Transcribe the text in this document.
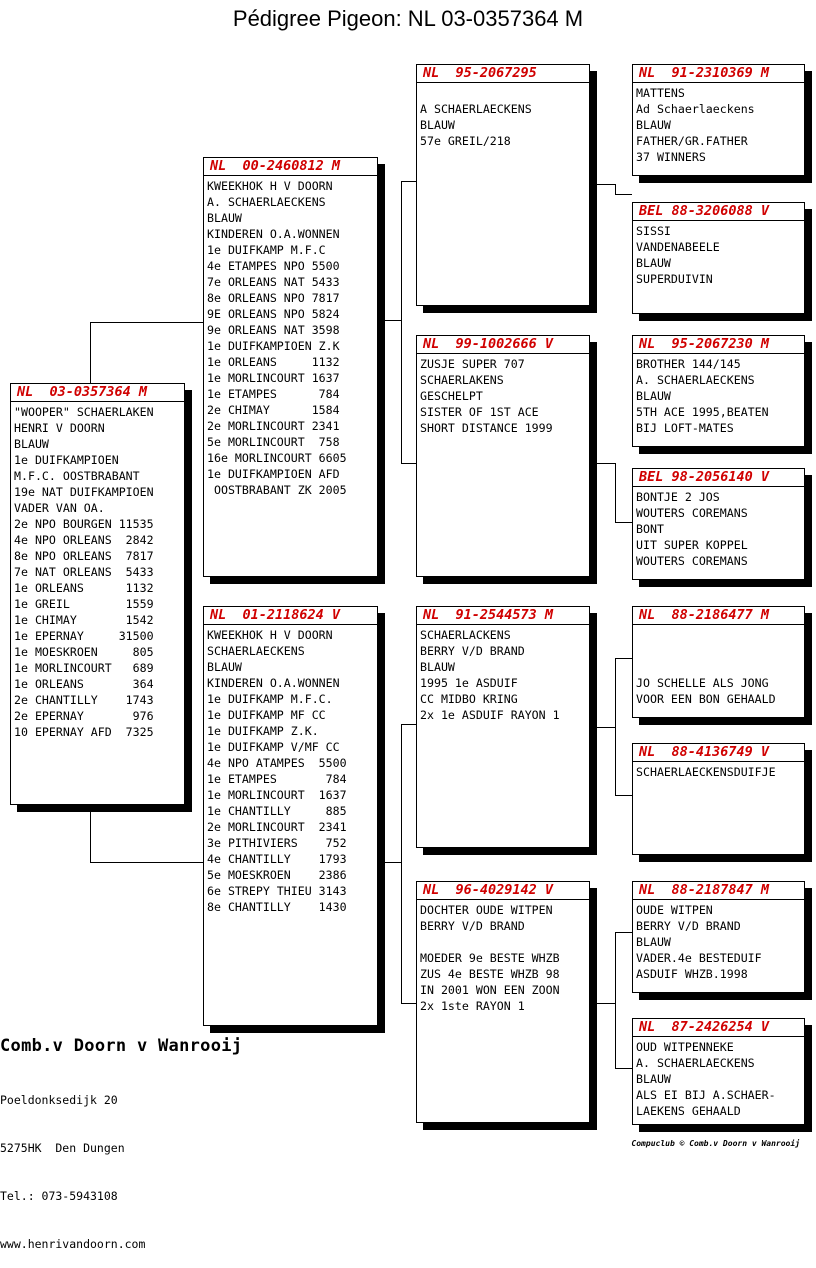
Pédigree Pigeon: NL 03-0357364 M
NL  03-0357364 M
"WOOPER" SCHAERLAKEN
HENRI V DOORN
BLAUW
1e DUIFKAMPIOEN
M.F.C. OOSTBRABANT
19e NAT DUIFKAMPIOEN
VADER VAN OA.
2e NPO BOURGEN 11535
4e NPO ORLEANS  2842
8e NPO ORLEANS  7817
7e NAT ORLEANS  5433
1e ORLEANS      1132
1e GREIL        1559
1e CHIMAY       1542
1e EPERNAY     31500
1e MOESKROEN     805
1e MORLINCOURT   689
1e ORLEANS       364
2e CHANTILLY    1743
2e EPERNAY       976
10 EPERNAY AFD  7325
NL  00-2460812 M
KWEEKHOK H V DOORN
A. SCHAERLAECKENS
BLAUW
KINDEREN O.A.WONNEN
1e DUIFKAMP M.F.C
4e ETAMPES NPO 5500
7e ORLEANS NAT 5433
8e ORLEANS NPO 7817
9E ORLEANS NPO 5824
9e ORLEANS NAT 3598
1e DUIFKAMPIOEN Z.K
1e ORLEANS     1132
1e MORLINCOURT 1637
1e ETAMPES      784
2e CHIMAY      1584
2e MORLINCOURT 2341
5e MORLINCOURT  758
16e MORLINCOURT 6605
1e DUIFKAMPIOEN AFD
OOSTBRABANT ZK 2005
NL  01-2118624 V
KWEEKHOK H V DOORN
SCHAERLAECKENS
BLAUW
KINDEREN O.A.WONNEN
1e DUIFKAMP M.F.C.
1e DUIFKAMP MF CC
1e DUIFKAMP Z.K.
1e DUIFKAMP V/MF CC
4e NPO ATAMPES  5500
1e ETAMPES       784
1e MORLINCOURT  1637
1e CHANTILLY     885
2e MORLINCOURT  2341
3e PITHIVIERS    752
4e CHANTILLY    1793
5e MOESKROEN    2386
6e STREPY THIEU 3143
8e CHANTILLY    1430
NL  95-2067295

A SCHAERLAECKENS
BLAUW
57e GREIL/218
NL  99-1002666 V
ZUSJE SUPER 707
SCHAERLAKENS
GESCHELPT
SISTER OF 1ST ACE
SHORT DISTANCE 1999
NL  91-2544573 M
SCHAERLACKENS
BERRY V/D BRAND
BLAUW
1995 1e ASDUIF
CC MIDBO KRING
2x 1e ASDUIF RAYON 1
NL  96-4029142 V
DOCHTER OUDE WITPEN
BERRY V/D BRAND

MOEDER 9e BESTE WHZB
ZUS 4e BESTE WHZB 98
IN 2001 WON EEN ZOON
2x 1ste RAYON 1
NL  91-2310369 M
MATTENS
Ad Schaerlaeckens
BLAUW
FATHER/GR.FATHER
37 WINNERS
BEL 88-3206088 V
SISSI
VANDENABEELE
BLAUW
SUPERDUIVIN
NL  95-2067230 M
BROTHER 144/145
A. SCHAERLAECKENS
BLAUW
5TH ACE 1995,BEATEN
BIJ LOFT-MATES
BEL 98-2056140 V
BONTJE 2 JOS
WOUTERS COREMANS
BONT
UIT SUPER KOPPEL
WOUTERS COREMANS
NL  88-2186477 M

JO SCHELLE ALS JONG
VOOR EEN BON GEHAALD
NL  88-4136749 V
SCHAERLAECKENSDUIFJE
NL  88-2187847 M
OUDE WITPEN
BERRY V/D BRAND
BLAUW
VADER.4e BESTEDUIF
ASDUIF WHZB.1998
NL  87-2426254 V
OUD WITPENNEKE
A. SCHAERLAECKENS
BLAUW
ALS EI BIJ A.SCHAER-
LAEKENS GEHAALD
Comb.v Doorn v Wanrooij

Poeldonksedijk 20

5275HK  Den Dungen

Tel.: 073-5943108

www.henrivandoorn.com

Compuclub © Comb.v Doorn v Wanrooij
